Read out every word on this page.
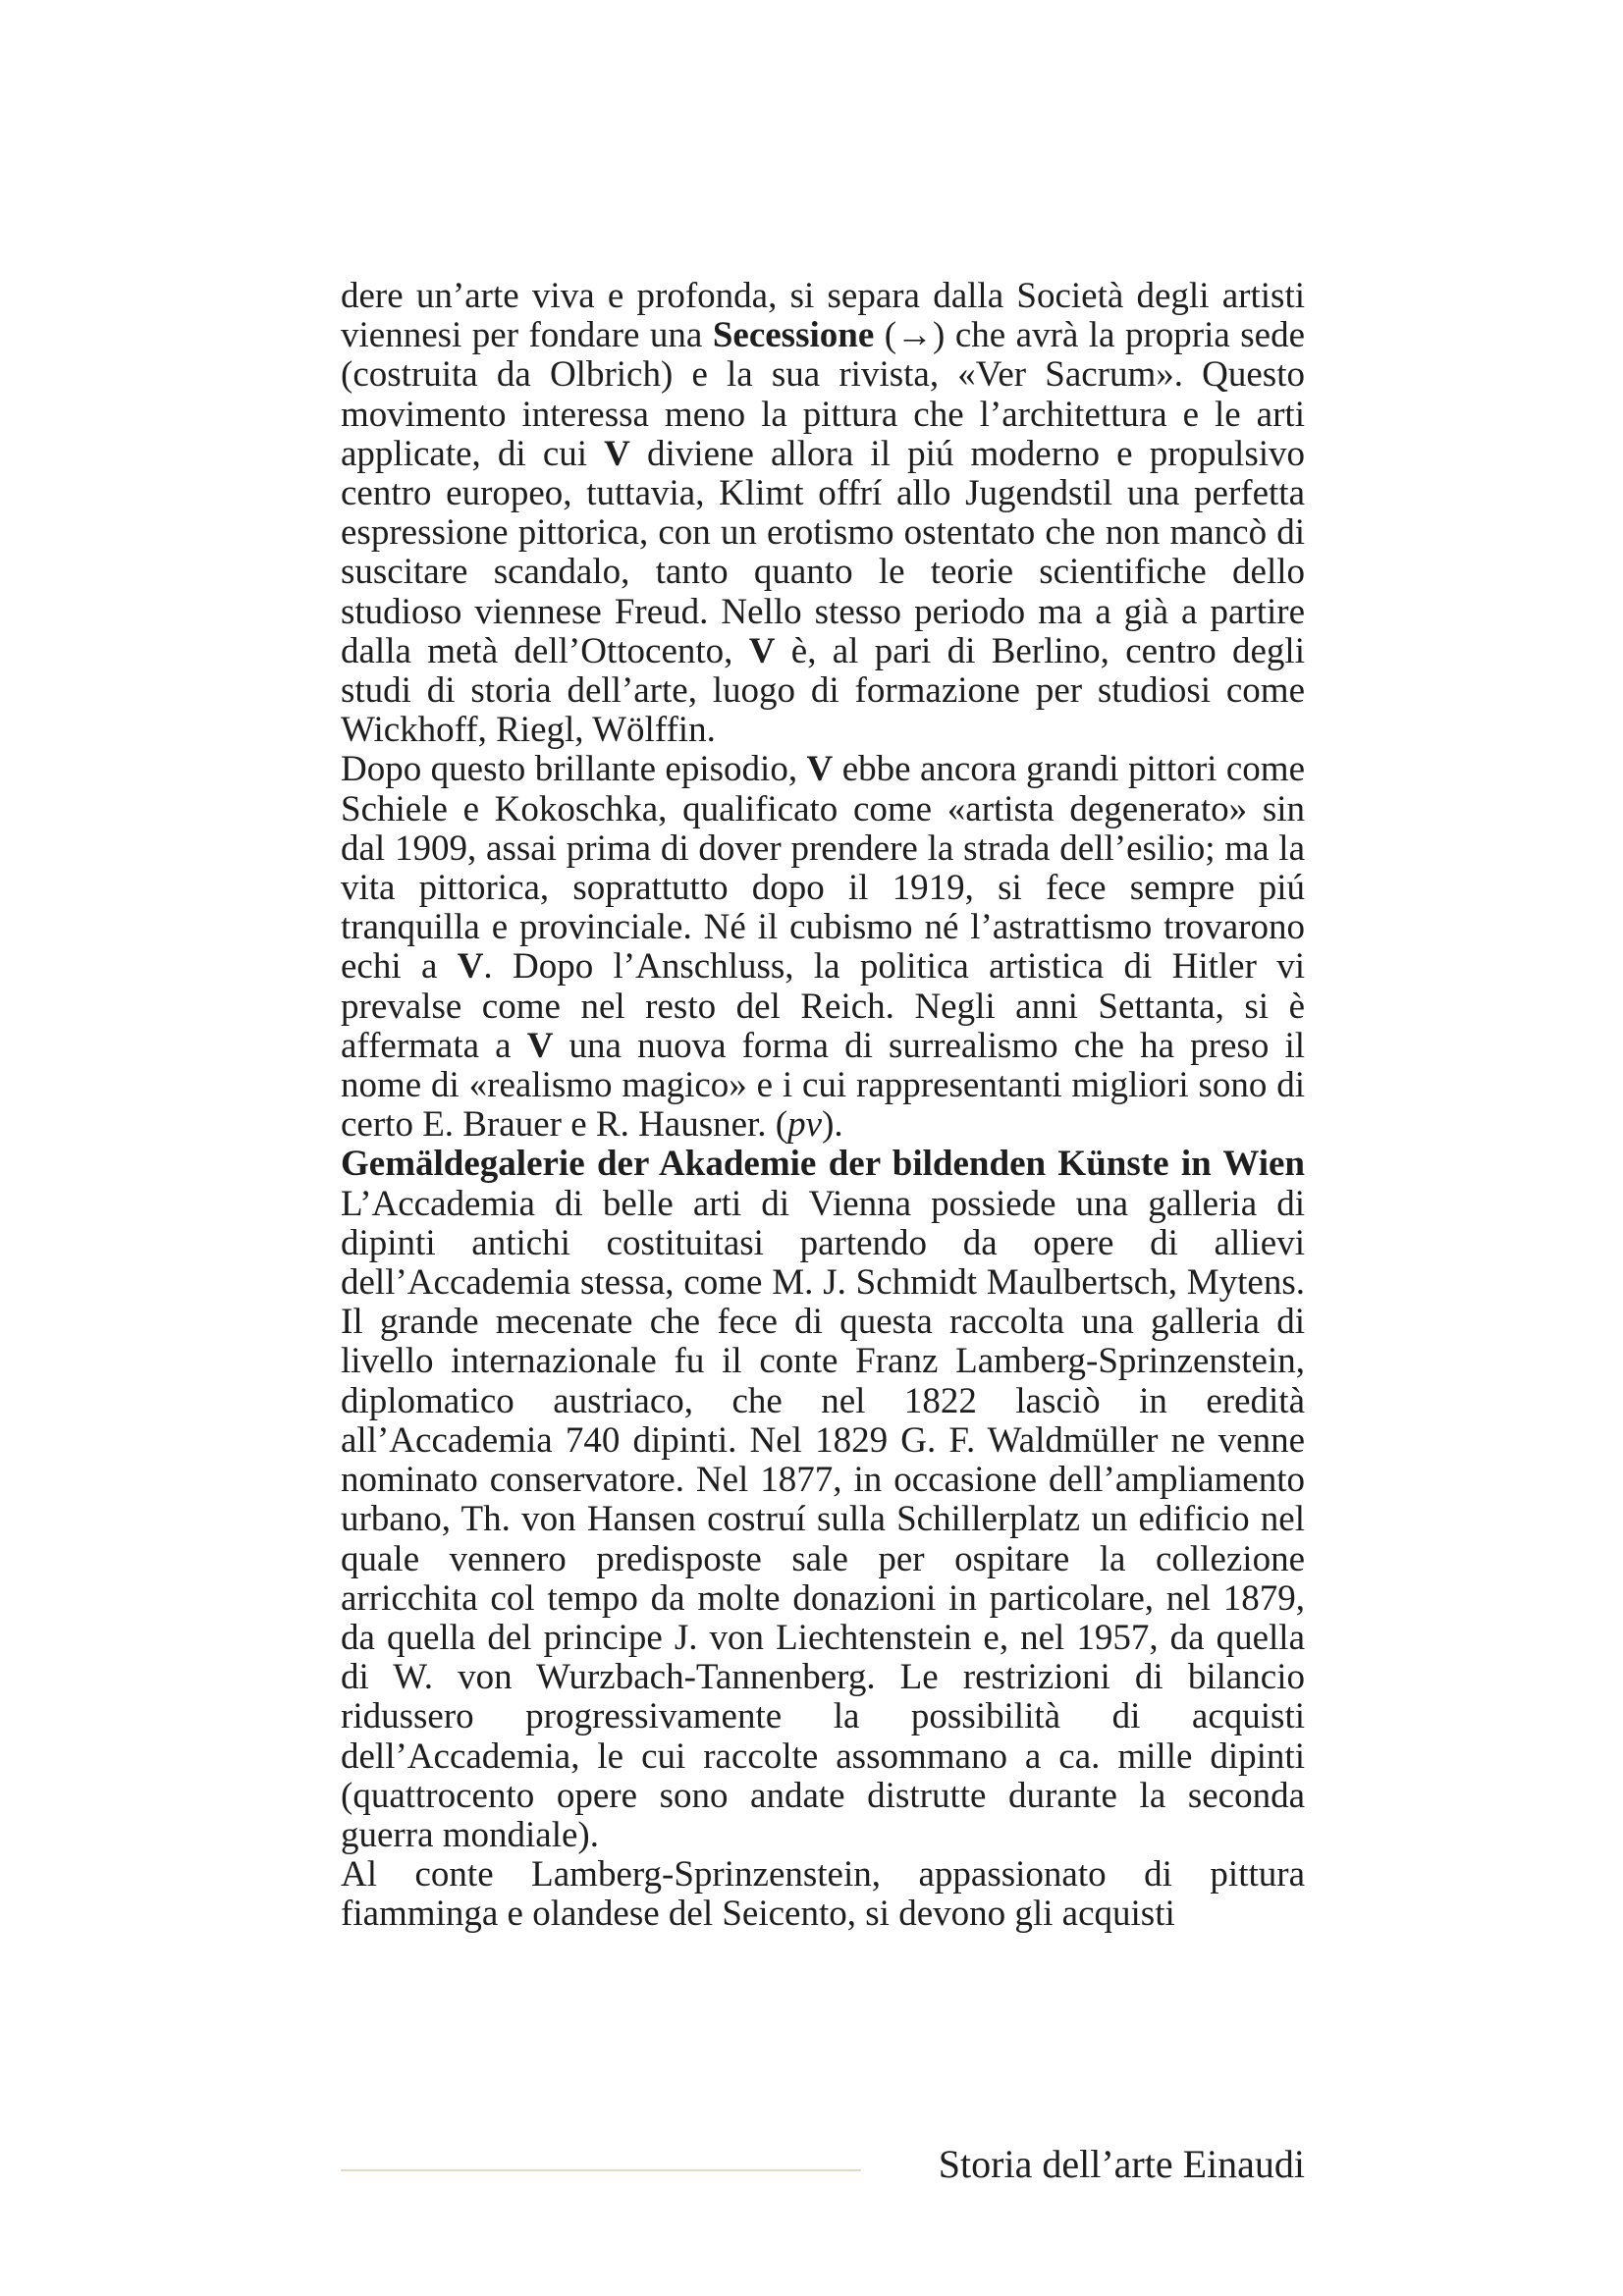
dere un’arte viva e profonda, si separa dalla Società degli artisti viennesi per fondare una Secessione (→) che avrà la propria sede (costruita da Olbrich) e la sua rivista, «Ver Sacrum». Questo movimento interessa meno la pittura che l’architettura e le arti applicate, di cui V diviene allora il piú moderno e propulsivo centro europeo, tuttavia, Klimt offrí allo Jugendstil una perfetta espressione pittorica, con un erotismo ostentato che non mancò di suscitare scandalo, tanto quanto le teorie scientifiche dello studioso viennese Freud. Nello stesso periodo ma a già a partire dalla metà dell’Ottocento, V è, al pari di Berlino, centro degli studi di storia dell’arte, luogo di formazione per studiosi come Wickhoff, Riegl, Wölffin.

Dopo questo brillante episodio, V ebbe ancora grandi pittori come Schiele e Kokoschka, qualificato come «artista degenerato» sin dal 1909, assai prima di dover prendere la strada dell’esilio; ma la vita pittorica, soprattutto dopo il 1919, si fece sempre piú tranquilla e provinciale. Né il cubismo né l’astrattismo trovarono echi a V. Dopo l’Anschluss, la politica artistica di Hitler vi prevalse come nel resto del Reich. Negli anni Settanta, si è affermata a V una nuova forma di surrealismo che ha preso il nome di «realismo magico» e i cui rappresentanti migliori sono di certo E. Brauer e R. Hausner. (pv).

Gemäldegalerie der Akademie der bildenden Künste in Wien L’Accademia di belle arti di Vienna possiede una galleria di dipinti antichi costituitasi partendo da opere di allievi dell’Accademia stessa, come M. J. Schmidt Maulbertsch, Mytens. Il grande mecenate che fece di questa raccolta una galleria di livello internazionale fu il conte Franz Lamberg-Sprinzenstein, diplomatico austriaco, che nel 1822 lasciò in eredità all’Accademia 740 dipinti. Nel 1829 G. F. Waldmüller ne venne nominato conservatore. Nel 1877, in occasione dell’ampliamento urbano, Th. von Hansen costruí sulla Schillerplatz un edificio nel quale vennero predisposte sale per ospitare la collezione arricchita col tempo da molte donazioni in particolare, nel 1879, da quella del principe J. von Liechtenstein e, nel 1957, da quella di W. von Wurzbach-Tannenberg. Le restrizioni di bilancio ridussero progressivamente la possibilità di acquisti dell’Accademia, le cui raccolte assommano a ca. mille dipinti (quattrocento opere sono andate distrutte durante la seconda guerra mondiale).

Al conte Lamberg-Sprinzenstein, appassionato di pittura fiamminga e olandese del Seicento, si devono gli acquisti

Storia dell’arte Einaudi
